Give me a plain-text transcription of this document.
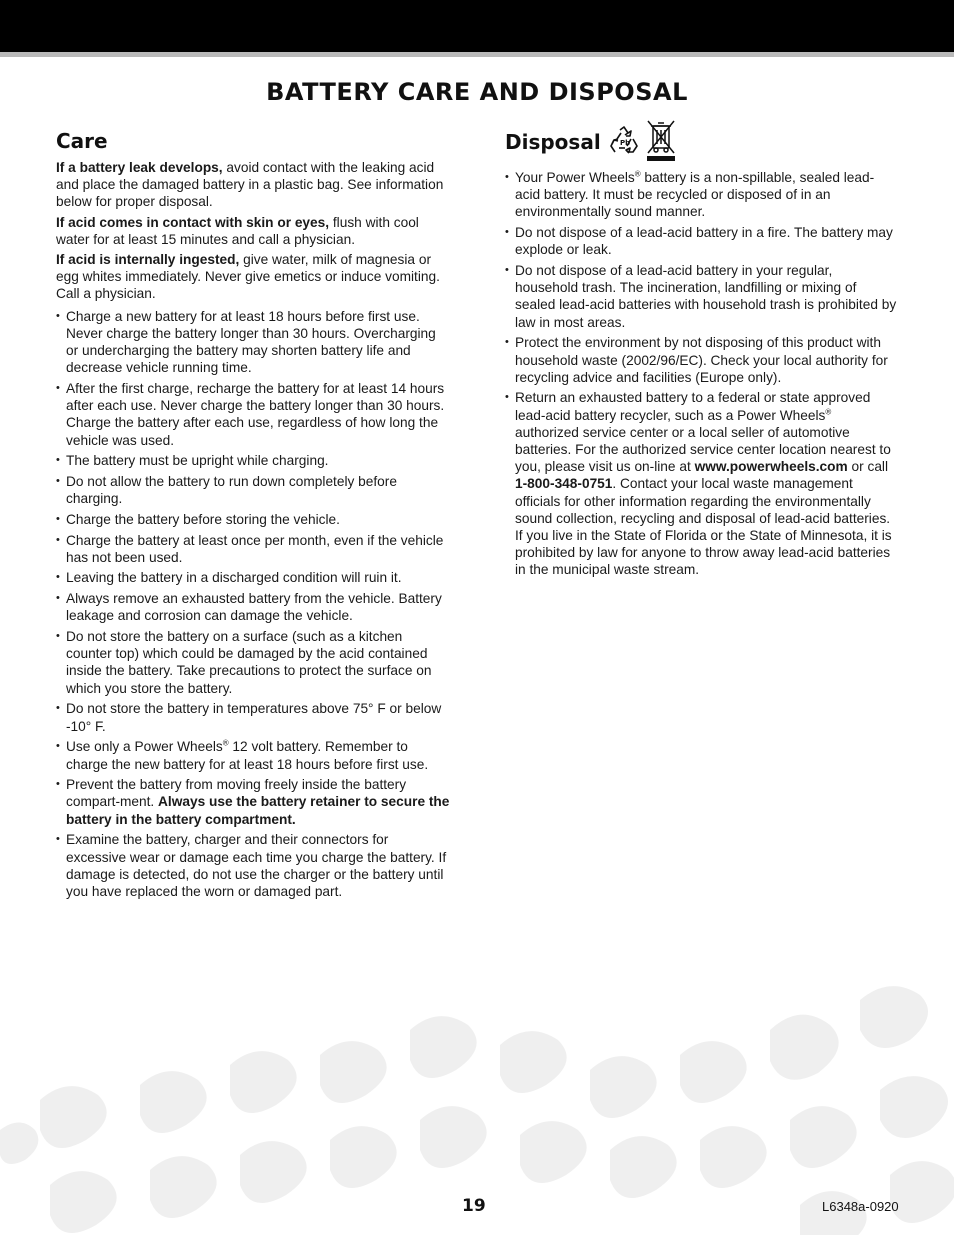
BATTERY CARE AND DISPOSAL
Care

If a battery leak develops, avoid contact with the leaking acid and place the damaged battery in a plastic bag. See information below for proper disposal.

If acid comes in contact with skin or eyes, flush with cool water for at least 15 minutes and call a physician.

If acid is internally ingested, give water, milk of magnesia or egg whites immediately. Never give emetics or induce vomiting. Call a physician.

• Charge a new battery for at least 18 hours before first use. Never charge the battery longer than 30 hours. Overcharging or undercharging the battery may shorten battery life and decrease vehicle running time.
• After the first charge, recharge the battery for at least 14 hours after each use. Never charge the battery longer than 30 hours. Charge the battery after each use, regardless of how long the vehicle was used.
• The battery must be upright while charging.
• Do not allow the battery to run down completely before charging.
• Charge the battery before storing the vehicle.
• Charge the battery at least once per month, even if the vehicle has not been used.
• Leaving the battery in a discharged condition will ruin it.
• Always remove an exhausted battery from the vehicle. Battery leakage and corrosion can damage the vehicle.
• Do not store the battery on a surface (such as a kitchen counter top) which could be damaged by the acid contained inside the battery. Take precautions to protect the surface on which you store the battery.
• Do not store the battery in temperatures above 75° F or below -10° F.
• Use only a Power Wheels® 12 volt battery. Remember to charge the new battery for at least 18 hours before first use.
• Prevent the battery from moving freely inside the battery compart-ment. Always use the battery retainer to secure the battery in the battery compartment.
• Examine the battery, charger and their connectors for excessive wear or damage each time you charge the battery. If damage is detected, do not use the charger or the battery until you have replaced the worn or damaged part.
Disposal	Pb
• Your Power Wheels® battery is a non-spillable, sealed lead-acid battery. It must be recycled or disposed of in an environmentally sound manner.
• Do not dispose of a lead-acid battery in a fire. The battery may explode or leak.
• Do not dispose of a lead-acid battery in your regular, household trash. The incineration, landfilling or mixing of sealed lead-acid batteries with household trash is prohibited by law in most areas.
• Protect the environment by not disposing of this product with household waste (2002/96/EC). Check your local authority for recycling advice and facilities (Europe only).
• Return an exhausted battery to a federal or state approved lead-acid battery recycler, such as a Power Wheels® authorized service center or a local seller of automotive batteries. For the authorized service center location nearest to you, please visit us on-line at www.powerwheels.com or call 1-800-348-0751. Contact your local waste management officials for other information regarding the environmentally sound collection, recycling and disposal of lead-acid batteries. If you live in the State of Florida or the State of Minnesota, it is prohibited by law for anyone to throw away lead-acid batteries in the municipal waste stream.
19	L6348a-0920
